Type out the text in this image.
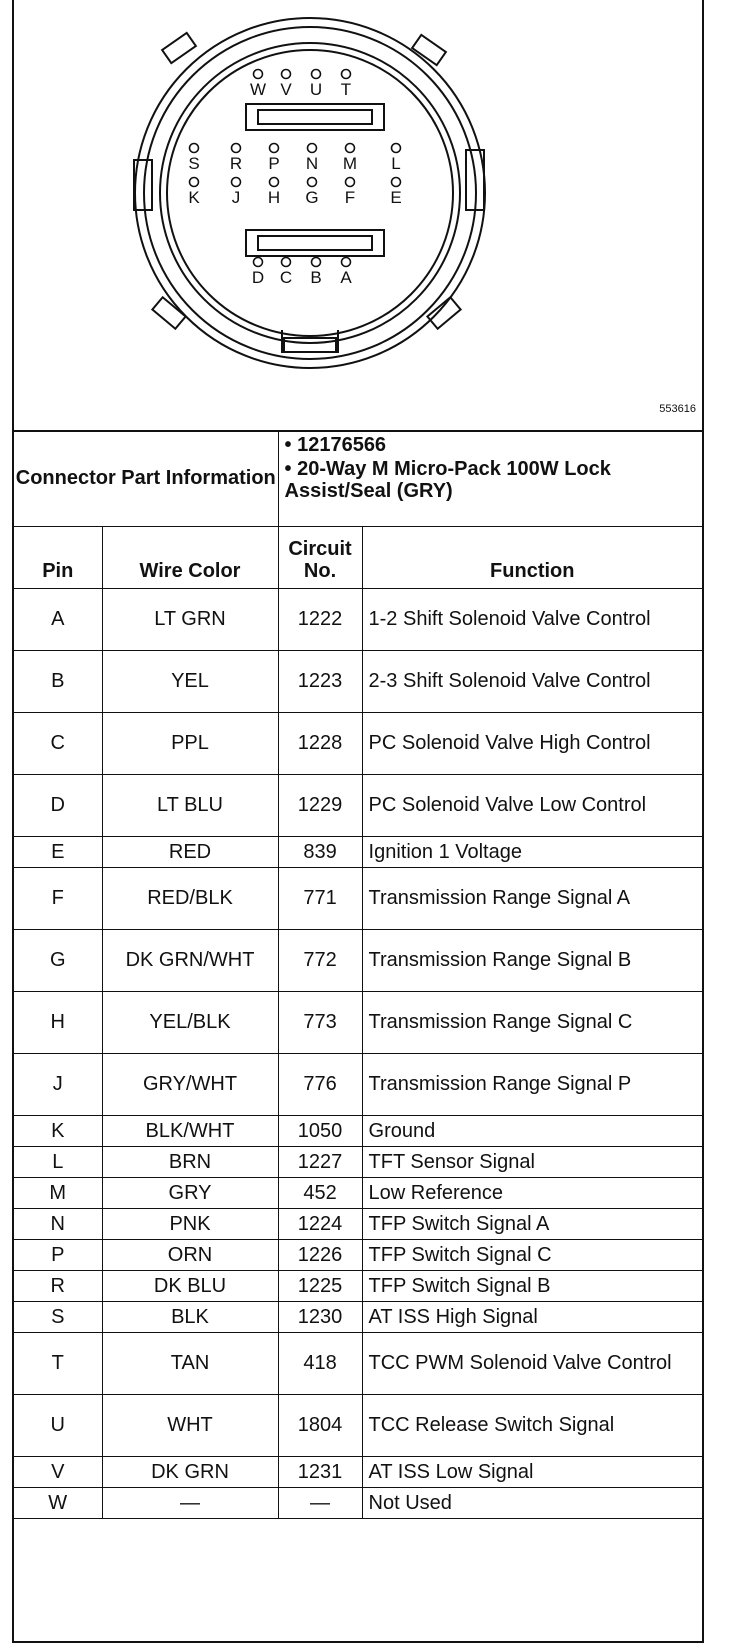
W V U T
S R P N M L
K J H G F E
D C B A
553616
Connector Part Information		• 12176566
• 20-Way M Micro-Pack 100W Lock Assist/Seal (GRY)	

Pin	Wire Color	Circuit No.	Function
A	LT GRN	1222	1-2 Shift Solenoid Valve Control
B	YEL	1223	2-3 Shift Solenoid Valve Control
C	PPL	1228	PC Solenoid Valve High Control
D	LT BLU	1229	PC Solenoid Valve Low Control
E	RED	839	Ignition 1 Voltage
F	RED/BLK	771	Transmission Range Signal A
G	DK GRN/WHT	772	Transmission Range Signal B
H	YEL/BLK	773	Transmission Range Signal C
J	GRY/WHT	776	Transmission Range Signal P
K	BLK/WHT	1050	Ground
L	BRN	1227	TFT Sensor Signal
M	GRY	452	Low Reference
N	PNK	1224	TFP Switch Signal A
P	ORN	1226	TFP Switch Signal C
R	DK BLU	1225	TFP Switch Signal B
S	BLK	1230	AT ISS High Signal
T	TAN	418	TCC PWM Solenoid Valve Control
U	WHT	1804	TCC Release Switch Signal
V	DK GRN	1231	AT ISS Low Signal
W	—	—	Not Used
